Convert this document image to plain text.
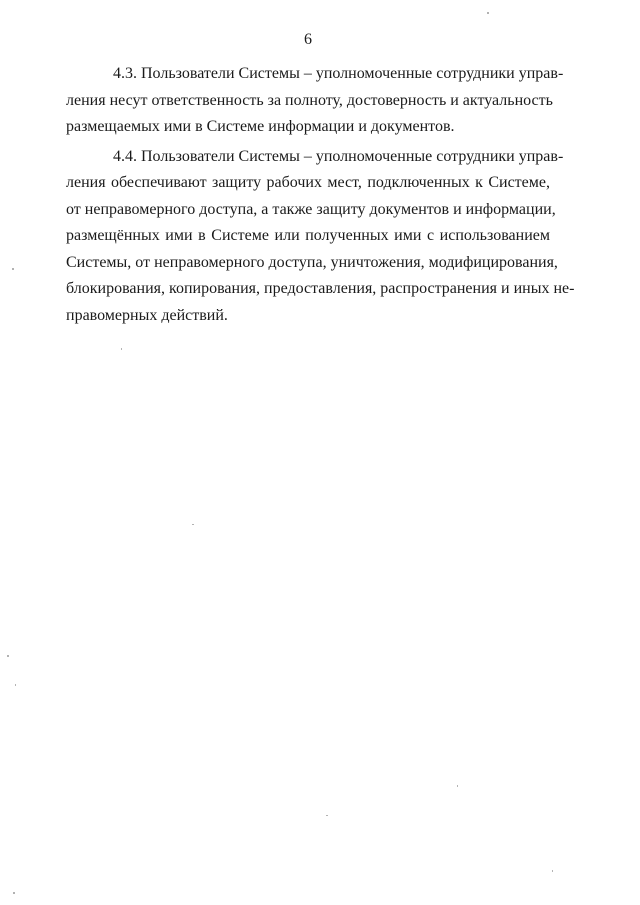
6
4.3. Пользователи Системы – уполномоченные сотрудники управ-
ления несут ответственность за полноту, достоверность и актуальность
размещаемых ими в Системе информации и документов.
4.4. Пользователи Системы – уполномоченные сотрудники управ-
ления обеспечивают защиту рабочих мест, подключенных к Системе,
от неправомерного доступа, а также защиту документов и информации,
размещённых ими в Системе или полученных ими с использованием
Системы, от неправомерного доступа, уничтожения, модифицирования,
блокирования, копирования, предоставления, распространения и иных не-
правомерных действий.
